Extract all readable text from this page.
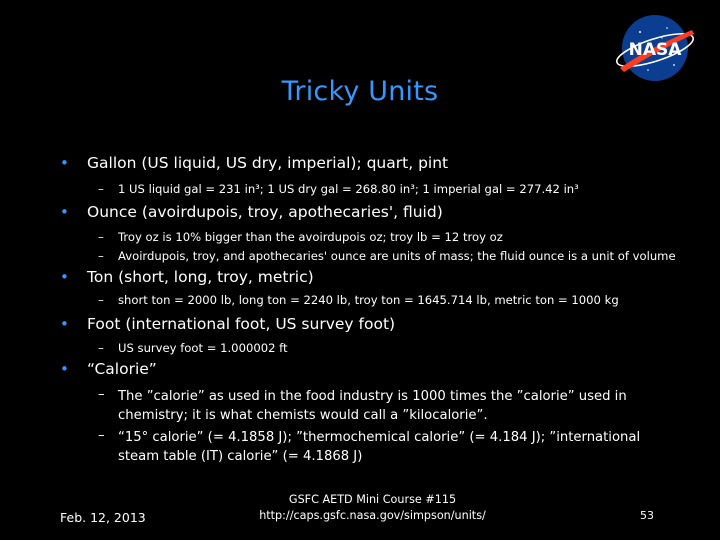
NASA
Tricky Units
• Gallon (US liquid, US dry, imperial); quart, pint
– 1 US liquid gal = 231 in³; 1 US dry gal = 268.80 in³; 1 imperial gal = 277.42 in³
• Ounce (avoirdupois, troy, apothecaries', fluid)
– Troy oz is 10% bigger than the avoirdupois oz; troy lb = 12 troy oz
– Avoirdupois, troy, and apothecaries' ounce are units of mass; the fluid ounce is a unit of volume
• Ton (short, long, troy, metric)
– short ton = 2000 lb, long ton = 2240 lb, troy ton = 1645.714 lb, metric ton = 1000 kg
• Foot (international foot, US survey foot)
– US survey foot = 1.000002 ft
• “Calorie”
– The ”calorie” as used in the food industry is 1000 times the ”calorie” used in chemistry; it is what chemists would call a ”kilocalorie”.
– “15° calorie” (= 4.1858 J); ”thermochemical calorie” (= 4.184 J); ”international steam table (IT) calorie” (= 4.1868 J)
Feb. 12, 2013
GSFC AETD Mini Course #115
http://caps.gsfc.nasa.gov/simpson/units/	53
